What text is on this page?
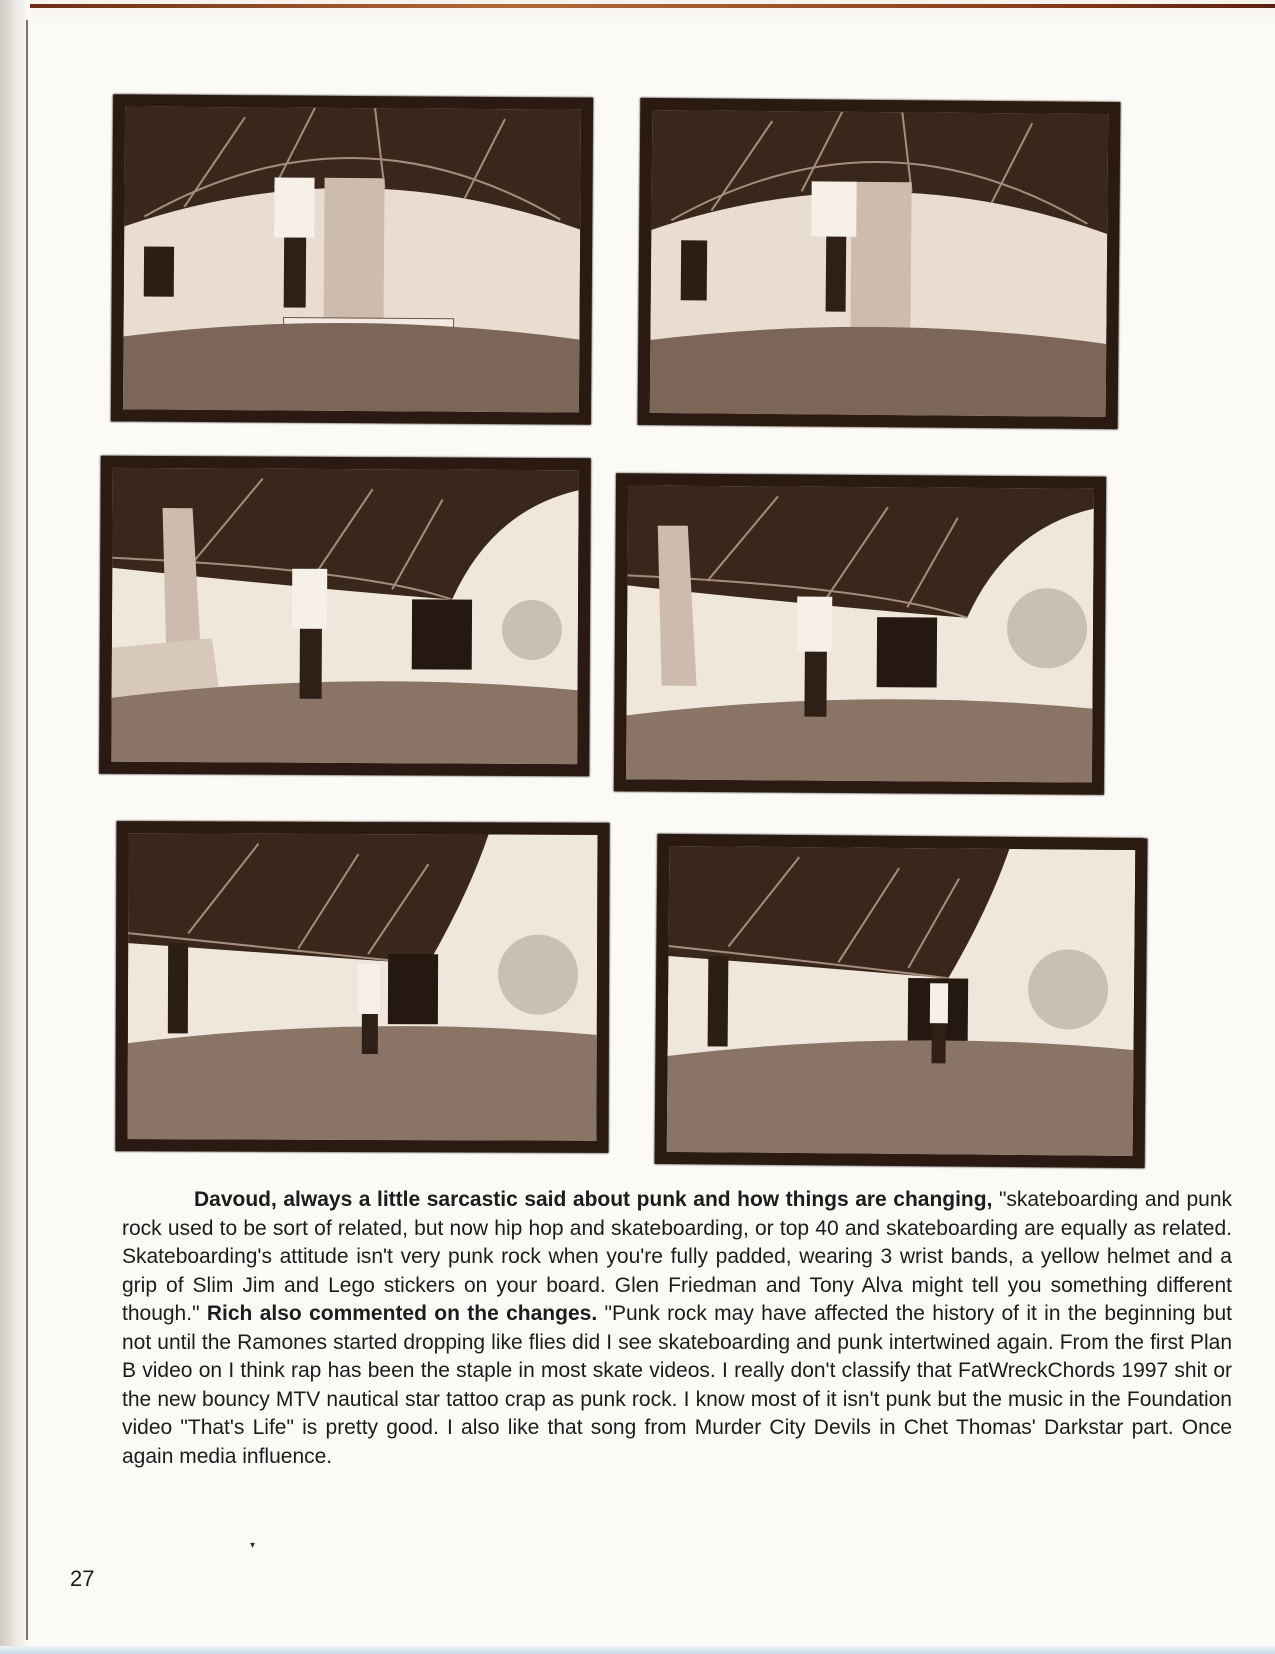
Davoud, always a little sarcastic said about punk and how things are changing, "skateboarding and punk rock used to be sort of related, but now hip hop and skateboarding, or top 40 and skateboarding are equally as related. Skateboarding's attitude isn't very punk rock when you're fully padded, wearing 3 wrist bands, a yellow helmet and a grip of Slim Jim and Lego stickers on your board. Glen Friedman and Tony Alva might tell you something different though." Rich also commented on the changes. "Punk rock may have affected the history of it in the beginning but not until the Ramones started dropping like flies did I see skateboarding and punk intertwined again. From the first Plan B video on I think rap has been the staple in most skate videos. I really don't classify that FatWreckChords 1997 shit or the new bouncy MTV nautical star tattoo crap as punk rock. I know most of it isn't punk but the music in the Foundation video "That's Life" is pretty good. I also like that song from Murder City Devils in Chet Thomas' Darkstar part. Once again media influence.

▾
27
